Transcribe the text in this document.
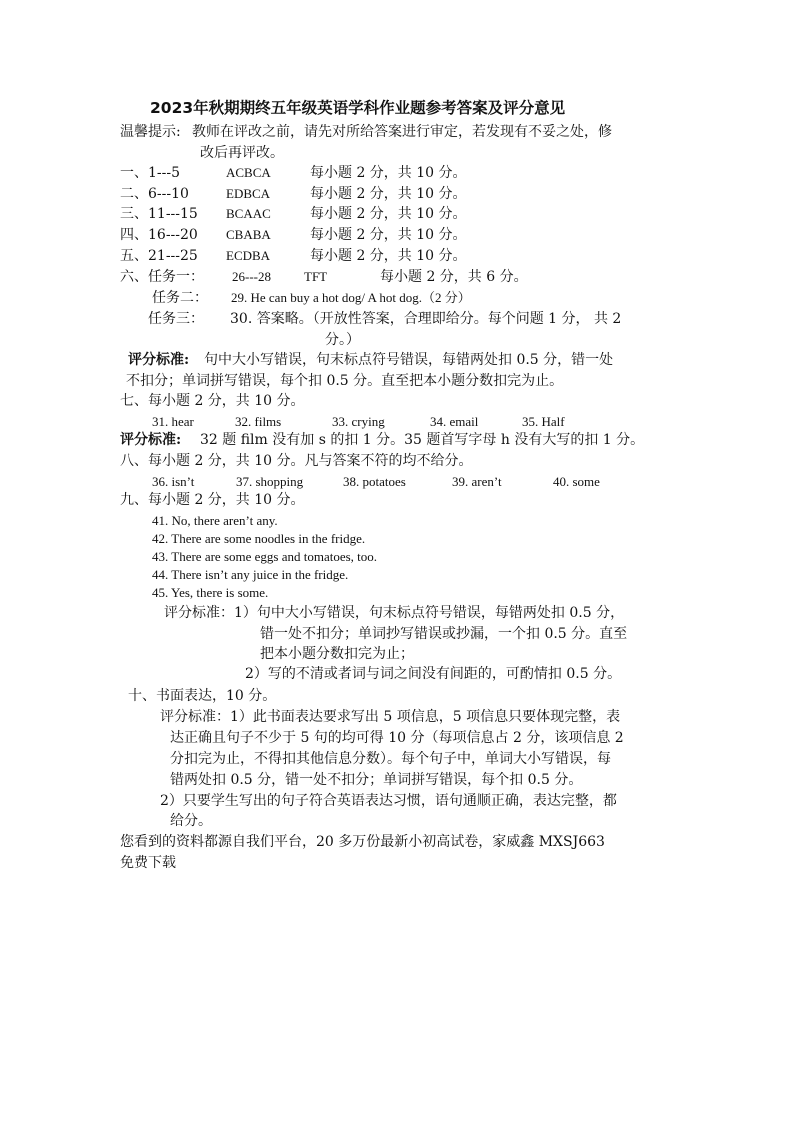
2023年秋期期终五年级英语学科作业题参考答案及评分意见
温馨提示: 教师在评改之前，请先对所给答案进行审定，若发现有不妥之处，修
改后再评改。
一、1---5	ACBCA	每小题 2 分，共 10 分。
二、6---10	EDBCA	每小题 2 分，共 10 分。
三、11---15 BCAAC	每小题 2 分，共 10 分。
四、16---20 CBABA	每小题 2 分，共 10 分。
五、21---25 ECDBA	每小题 2 分，共 10 分。
六、任务一： 26---28	TFT	每小题 2 分，共 6 分。
任务二： 29. He can buy a hot dog/ A hot dog.（2 分）
任务三： 30. 答案略。（开放性答案，合理即给分。每个问题 1 分， 共 2
分。）
评分标准: 句中大小写错误，句末标点符号错误，每错两处扣 0.5 分，错一处
不扣分；单词拼写错误，每个扣 0.5 分。直至把本小题分数扣完为止。
七、每小题 2 分，共 10 分。
31. hear	32. films	33. crying	34. email	35. Half
评分标准: 32 题 film 没有加 s 的扣 1 分。35 题首写字母 h 没有大写的扣 1 分。
八、每小题 2 分，共 10 分。凡与答案不符的均不给分。
36. isn’t	37. shopping	38. potatoes	39. aren’t	40. some
九、每小题 2 分，共 10 分。
41. No, there aren’t any.
42. There are some noodles in the fridge.
43. There are some eggs and tomatoes, too.
44. There isn’t any juice in the fridge.
45. Yes, there is some.
评分标准：1）句中大小写错误，句末标点符号错误，每错两处扣 0.5 分，
错一处不扣分；单词抄写错误或抄漏，一个扣 0.5 分。直至
把本小题分数扣完为止；
2）写的不清或者词与词之间没有间距的，可酌情扣 0.5 分。
十、书面表达，10 分。
评分标准：1）此书面表达要求写出 5 项信息，5 项信息只要体现完整，表
达正确且句子不少于 5 句的均可得 10 分（每项信息占 2 分，该项信息 2
分扣完为止，不得扣其他信息分数）。每个句子中，单词大小写错误，每
错两处扣 0.5 分，错一处不扣分；单词拼写错误，每个扣 0.5 分。
2）只要学生写出的句子符合英语表达习惯，语句通顺正确，表达完整，都
给分。
您看到的资料都源自我们平台，20 多万份最新小初高试卷，家威鑫 MXSJ663
免费下载
